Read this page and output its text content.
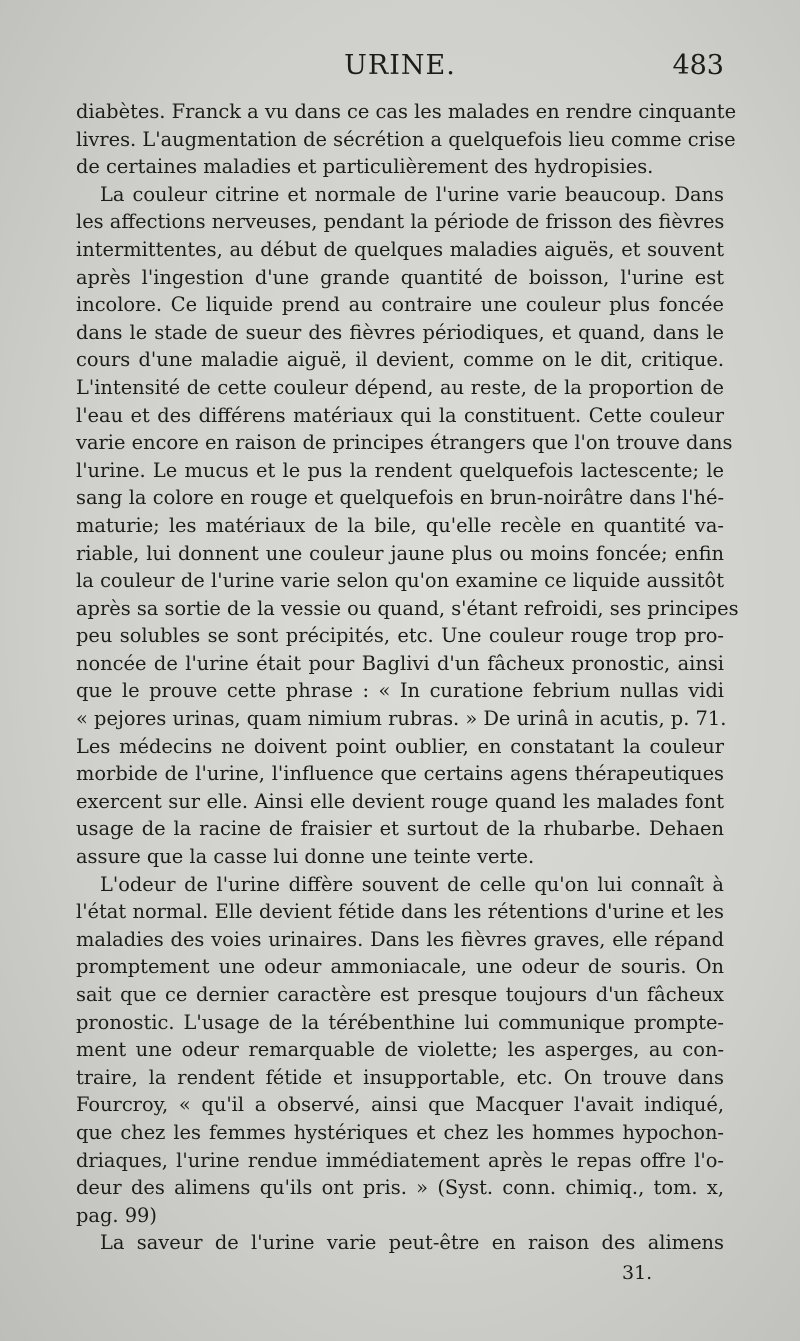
URINE.	483
diabètes. Franck a vu dans ce cas les malades en rendre cinquante
livres. L'augmentation de sécrétion a quelquefois lieu comme crise
de certaines maladies et particulièrement des hydropisies.
La couleur citrine et normale de l'urine varie beaucoup. Dans
les affections nerveuses, pendant la période de frisson des fièvres
intermittentes, au début de quelques maladies aiguës, et souvent
après l'ingestion d'une grande quantité de boisson, l'urine est
incolore. Ce liquide prend au contraire une couleur plus foncée
dans le stade de sueur des fièvres périodiques, et quand, dans le
cours d'une maladie aiguë, il devient, comme on le dit, critique.
L'intensité de cette couleur dépend, au reste, de la proportion de
l'eau et des différens matériaux qui la constituent. Cette couleur
varie encore en raison de principes étrangers que l'on trouve dans
l'urine. Le mucus et le pus la rendent quelquefois lactescente; le
sang la colore en rouge et quelquefois en brun-noirâtre dans l'hé-
maturie; les matériaux de la bile, qu'elle recèle en quantité va-
riable, lui donnent une couleur jaune plus ou moins foncée; enfin
la couleur de l'urine varie selon qu'on examine ce liquide aussitôt
après sa sortie de la vessie ou quand, s'étant refroidi, ses principes
peu solubles se sont précipités, etc. Une couleur rouge trop pro-
noncée de l'urine était pour Baglivi d'un fâcheux pronostic, ainsi
que le prouve cette phrase : « In curatione febrium nullas vidi
« pejores urinas, quam nimium rubras. » De urinâ in acutis, p. 71.
Les médecins ne doivent point oublier, en constatant la couleur
morbide de l'urine, l'influence que certains agens thérapeutiques
exercent sur elle. Ainsi elle devient rouge quand les malades font
usage de la racine de fraisier et surtout de la rhubarbe. Dehaen
assure que la casse lui donne une teinte verte.
L'odeur de l'urine diffère souvent de celle qu'on lui connaît à
l'état normal. Elle devient fétide dans les rétentions d'urine et les
maladies des voies urinaires. Dans les fièvres graves, elle répand
promptement une odeur ammoniacale, une odeur de souris. On
sait que ce dernier caractère est presque toujours d'un fâcheux
pronostic. L'usage de la térébenthine lui communique prompte-
ment une odeur remarquable de violette; les asperges, au con-
traire, la rendent fétide et insupportable, etc. On trouve dans
Fourcroy, « qu'il a observé, ainsi que Macquer l'avait indiqué,
que chez les femmes hystériques et chez les hommes hypochon-
driaques, l'urine rendue immédiatement après le repas offre l'o-
deur des alimens qu'ils ont pris. » (Syst. conn. chimiq., tom. x,
pag. 99)
La saveur de l'urine varie peut-être en raison des alimens
31.
